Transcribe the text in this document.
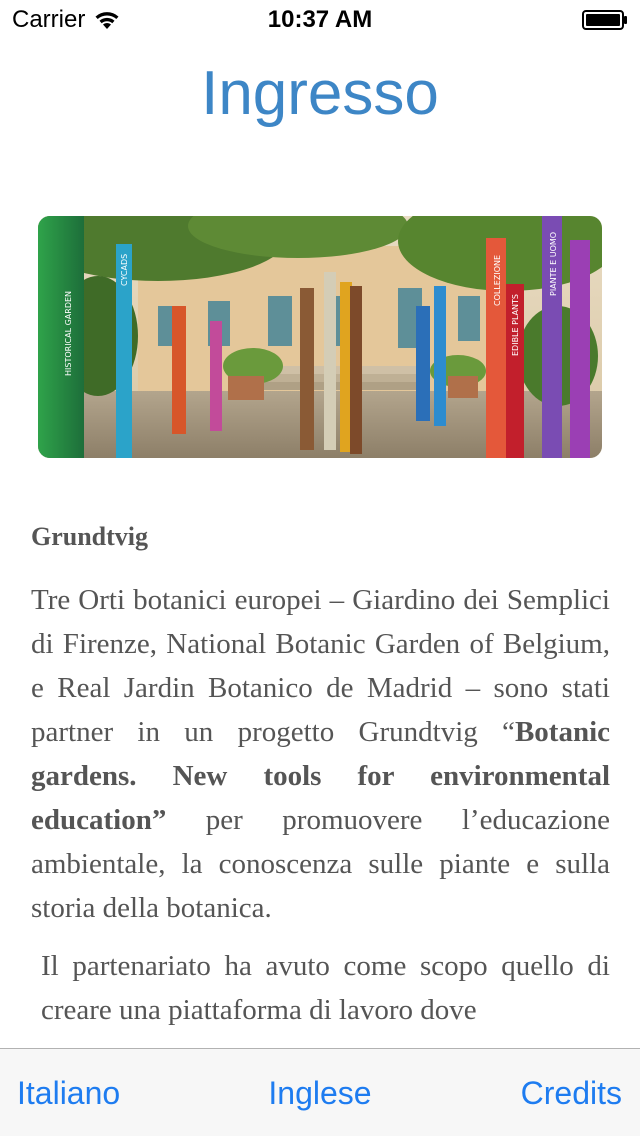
Carrier	10:37 AM
Ingresso
HISTORICAL GARDEN
CYCADS	COLLEZIONE
EDIBLE PLANTS
PIANTE E UOMO
Grundtvig

Tre Orti botanici europei – Giardino dei Semplici di Firenze, National Botanic Garden of Belgium, e Real Jardin Botanico de Madrid – sono stati partner in un progetto Grundtvig “Botanic gardens. New tools for environmental education” per promuovere l’educazione ambientale, la conoscenza sulle piante e sulla storia della botanica.

Il partenariato ha avuto come scopo quello di creare una piattaforma di lavoro dove

Italiano	Inglese	Credits
